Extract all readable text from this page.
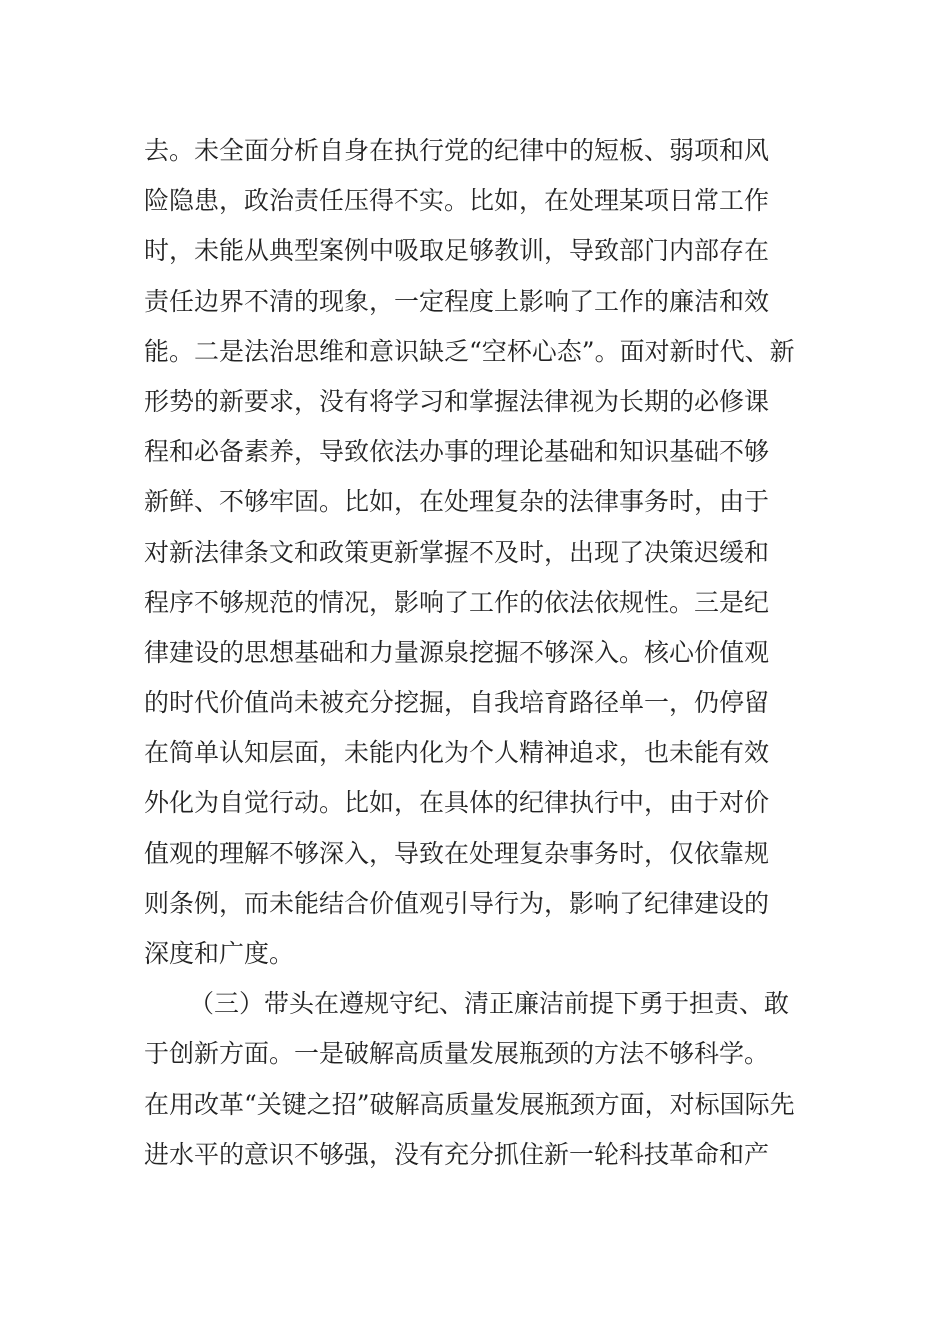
去。未全面分析自身在执行党的纪律中的短板、弱项和风
险隐患，政治责任压得不实。比如，在处理某项日常工作
时，未能从典型案例中吸取足够教训，导致部门内部存在
责任边界不清的现象，一定程度上影响了工作的廉洁和效
能。二是法治思维和意识缺乏“空杯心态”。面对新时代、新
形势的新要求，没有将学习和掌握法律视为长期的必修课
程和必备素养，导致依法办事的理论基础和知识基础不够
新鲜、不够牢固。比如，在处理复杂的法律事务时，由于
对新法律条文和政策更新掌握不及时，出现了决策迟缓和
程序不够规范的情况，影响了工作的依法依规性。三是纪
律建设的思想基础和力量源泉挖掘不够深入。核心价值观
的时代价值尚未被充分挖掘，自我培育路径单一，仍停留
在简单认知层面，未能内化为个人精神追求，也未能有效
外化为自觉行动。比如，在具体的纪律执行中，由于对价
值观的理解不够深入，导致在处理复杂事务时，仅依靠规
则条例，而未能结合价值观引导行为，影响了纪律建设的
深度和广度。
（三）带头在遵规守纪、清正廉洁前提下勇于担责、敢
于创新方面。一是破解高质量发展瓶颈的方法不够科学。
在用改革“关键之招”破解高质量发展瓶颈方面，对标国际先
进水平的意识不够强，没有充分抓住新一轮科技革命和产
